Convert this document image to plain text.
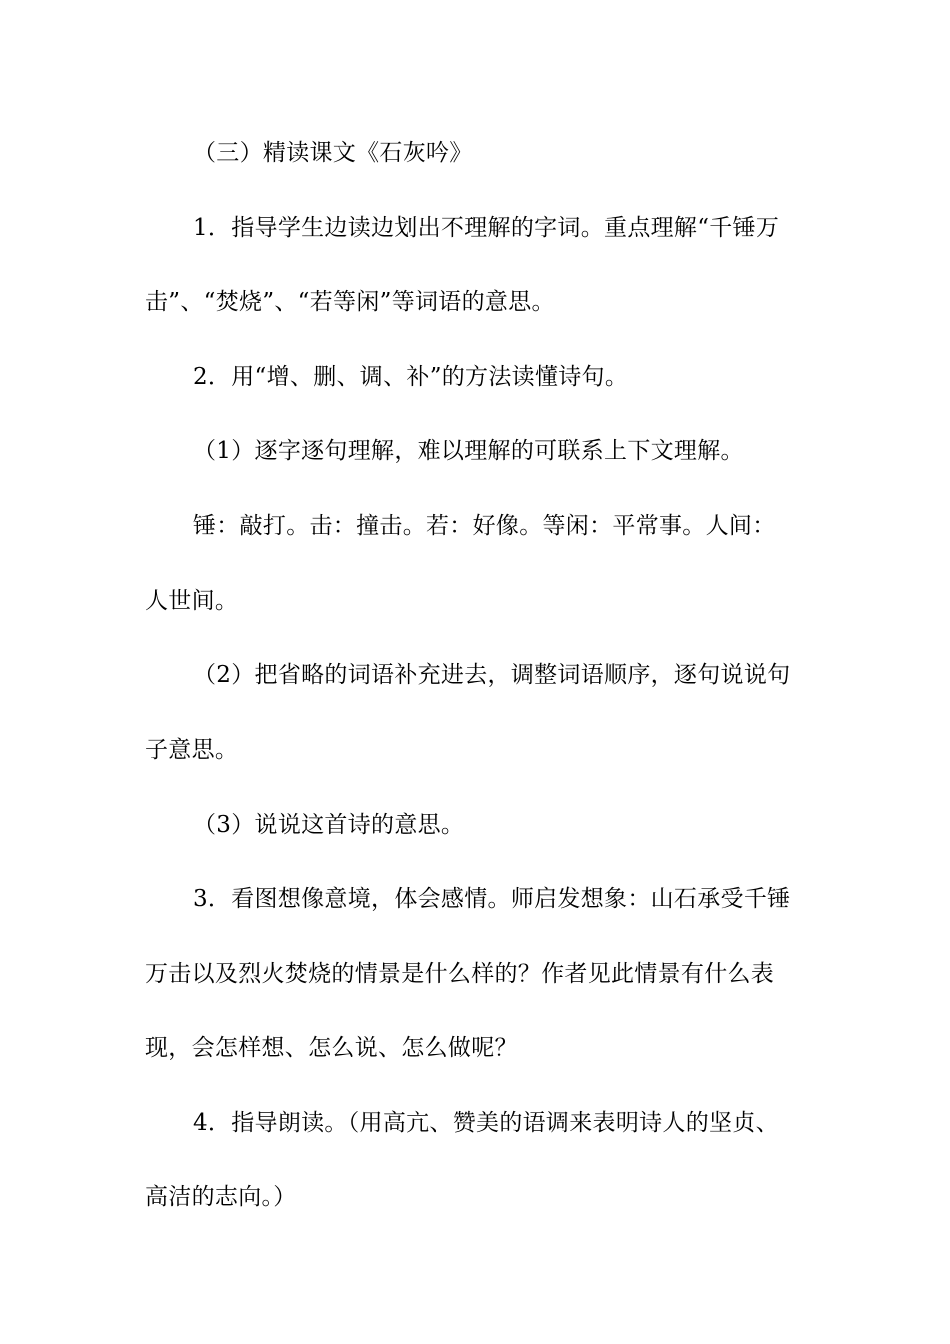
（三）精读课文《石灰吟》
1．指导学生边读边划出不理解的字词。重点理解“千锤万
击”、“焚烧”、“若等闲”等词语的意思。
2．用“增、删、调、补”的方法读懂诗句。
（1）逐字逐句理解，难以理解的可联系上下文理解。
锤：敲打。击：撞击。若：好像。等闲：平常事。人间：
人世间。
（2）把省略的词语补充进去，调整词语顺序，逐句说说句
子意思。
（3）说说这首诗的意思。
3．看图想像意境，体会感情。师启发想象：山石承受千锤
万击以及烈火焚烧的情景是什么样的？作者见此情景有什么表
现，会怎样想、怎么说、怎么做呢？
4．指导朗读。（用高亢、赞美的语调来表明诗人的坚贞、
高洁的志向。）
